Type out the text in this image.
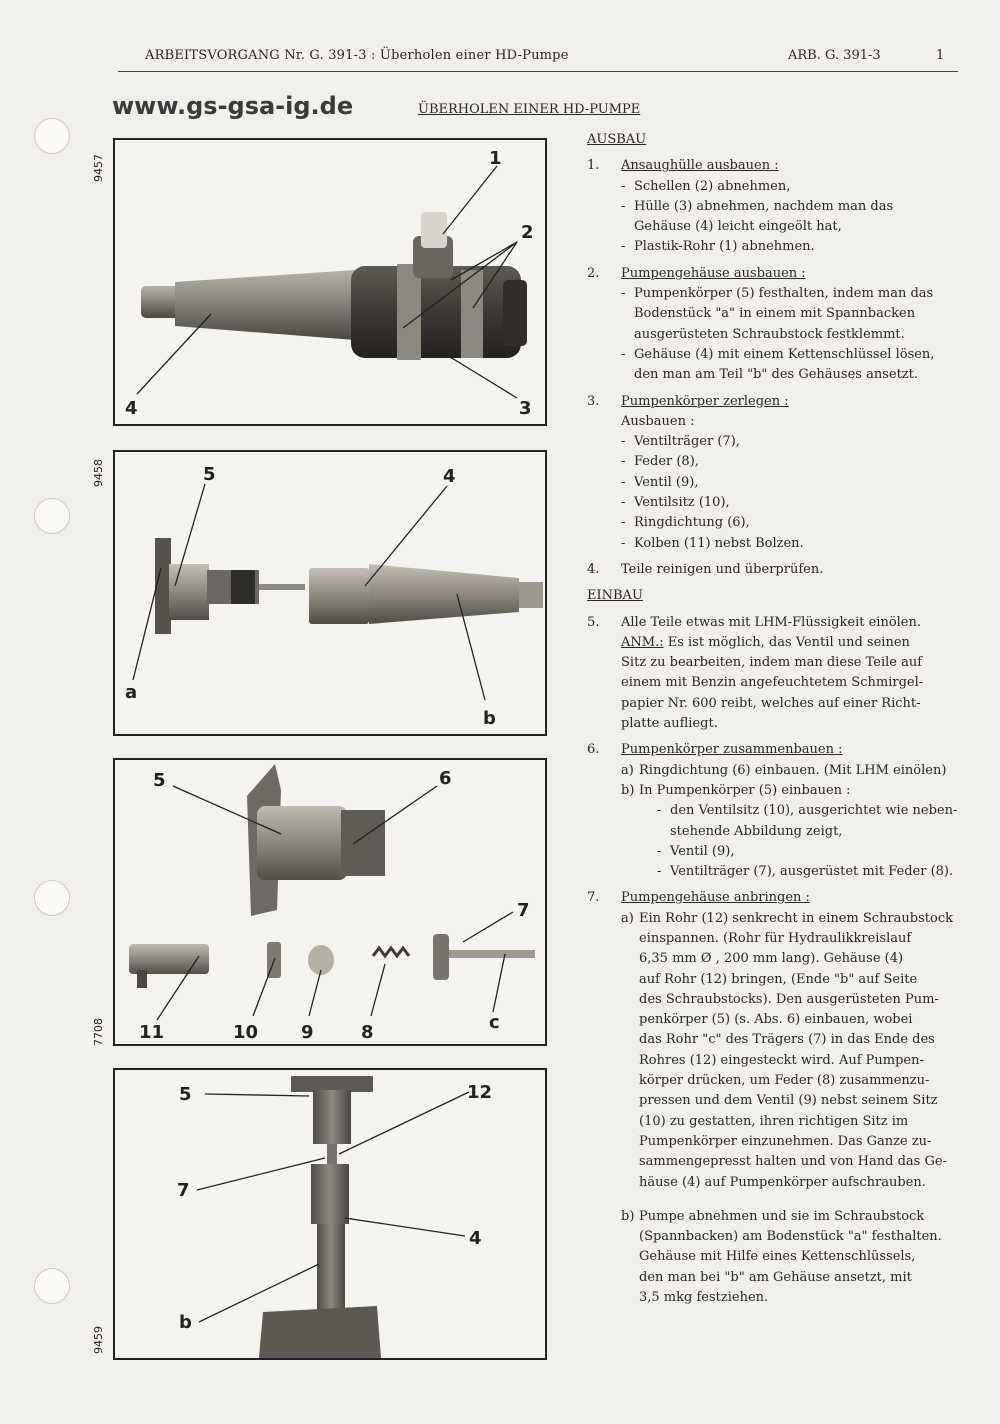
ARBEITSVORGANG Nr. G. 391-3 : Überholen einer HD-Pumpe	ARB. G. 391-3	1
www.gs-gsa-ig.de	ÜBERHOLEN EINER HD-PUMPE
9457
9458
7708
9459
1
2
3
4
5	4
a
b
5	6
7
11	10 9	8	c
5	12
7
4
b
AUSBAU
1. Ansaughülle ausbauen :
- Schellen (2) abnehmen,
- Hülle (3) abnehmen, nachdem man das
Gehäuse (4) leicht eingeölt hat,
- Plastik-Rohr (1) abnehmen.
2. Pumpengehäuse ausbauen :
- Pumpenkörper (5) festhalten, indem man das
Bodenstück "a" in einem mit Spannbacken
ausgerüsteten Schraubstock festklemmt.
- Gehäuse (4) mit einem Kettenschlüssel lösen,
den man am Teil "b" des Gehäuses ansetzt.
3. Pumpenkörper zerlegen :
Ausbauen :
- Ventilträger (7),
- Feder (8),
- Ventil (9),
- Ventilsitz (10),
- Ringdichtung (6),
- Kolben (11) nebst Bolzen.
4. Teile reinigen und überprüfen.
EINBAU
5. Alle Teile etwas mit LHM-Flüssigkeit einölen.
ANM.: Es ist möglich, das Ventil und seinen
Sitz zu bearbeiten, indem man diese Teile auf
einem mit Benzin angefeuchtetem Schmirgel-
papier Nr. 600 reibt, welches auf einer Richt-
platte aufliegt.
6. Pumpenkörper zusammenbauen :
a) Ringdichtung (6) einbauen. (Mit LHM einölen)
b) In Pumpenkörper (5) einbauen :
- den Ventilsitz (10), ausgerichtet wie neben-
stehende Abbildung zeigt,
- Ventil (9),
- Ventilträger (7), ausgerüstet mit Feder (8).
7. Pumpengehäuse anbringen :
a) Ein Rohr (12) senkrecht in einem Schraubstock
einspannen. (Rohr für Hydraulikkreislauf
6,35 mm Ø , 200 mm lang). Gehäuse (4)
auf Rohr (12) bringen, (Ende "b" auf Seite
des Schraubstocks). Den ausgerüsteten Pum-
penkörper (5) (s. Abs. 6) einbauen, wobei
das Rohr "c" des Trägers (7) in das Ende des
Rohres (12) eingesteckt wird. Auf Pumpen-
körper drücken, um Feder (8) zusammenzu-
pressen und dem Ventil (9) nebst seinem Sitz
(10) zu gestatten, ihren richtigen Sitz im
Pumpenkörper einzunehmen. Das Ganze zu-
sammengepresst halten und von Hand das Ge-
häuse (4) auf Pumpenkörper aufschrauben.
b) Pumpe abnehmen und sie im Schraubstock
(Spannbacken) am Bodenstück "a" festhalten.
Gehäuse mit Hilfe eines Kettenschlüssels,
den man bei "b" am Gehäuse ansetzt, mit
3,5 mkg festziehen.
